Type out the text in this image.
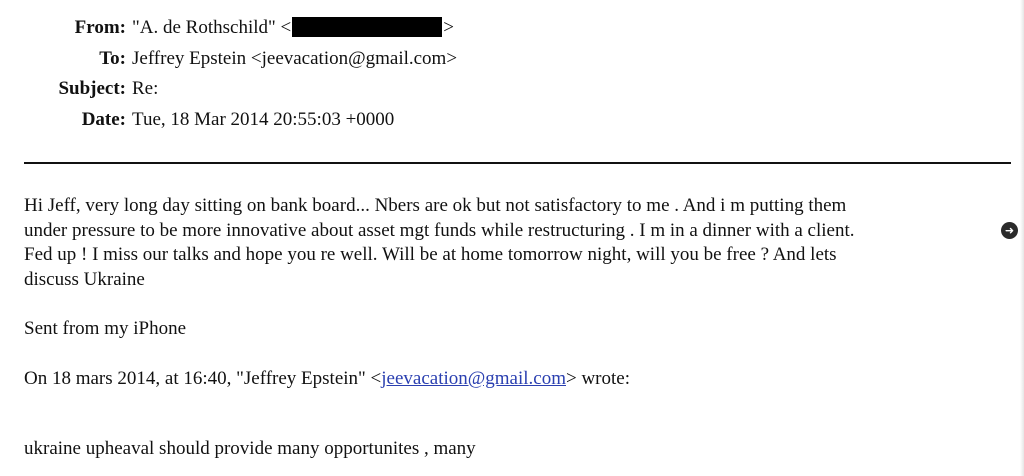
From: "A. de Rothschild" <	>
To: Jeffrey Epstein <jeevacation@gmail.com>
Subject: Re:
Date: Tue, 18 Mar 2014 20:55:03 +0000
Hi Jeff, very long day sitting on bank board... Nbers are ok but not satisfactory to me . And i m putting them
under pressure to be more innovative about asset mgt funds while restructuring . I m in a dinner with a client.
Fed up ! I miss our talks and hope you re well. Will be at home tomorrow night, will you be free ? And lets
discuss Ukraine
Sent from my iPhone
On 18 mars 2014, at 16:40, "Jeffrey Epstein" <jeevacation@gmail.com> wrote:
ukraine upheaval should provide many opportunites , many
➜
